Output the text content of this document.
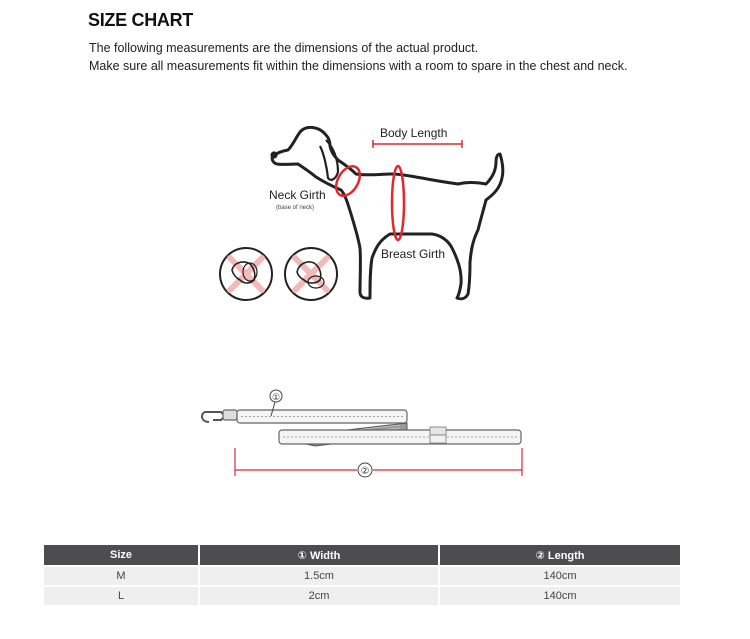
SIZE CHART

The following measurements are the dimensions of the actual product.

Make sure all measurements fit within the dimensions with a room to spare in the chest and neck.

Body Length
Neck Girth
(base of neck)
Breast Girth
①
②
Size	① Width	② Length
M	1.5cm	140cm
L	2cm	140cm
